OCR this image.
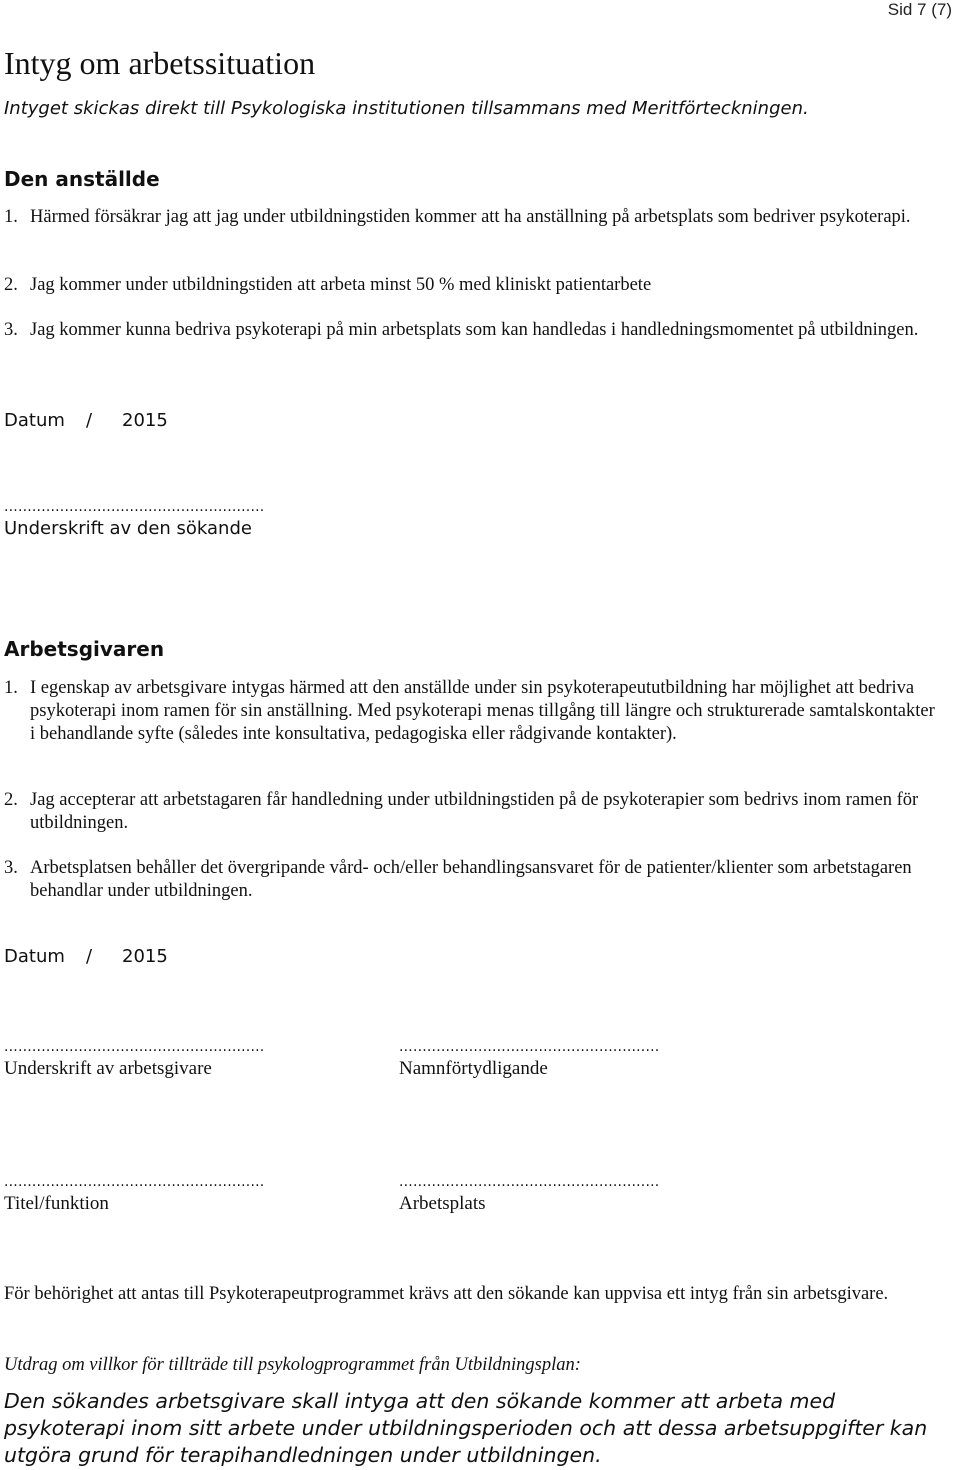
Sid 7 (7)
Intyg om arbetssituation

Intyget skickas direkt till Psykologiska institutionen tillsammans med Meritförteckningen.

Den anställde
1. Härmed försäkrar jag att jag under utbildningstiden kommer att ha anställning på arbetsplats som bedriver psykoterapi.
2. Jag kommer under utbildningstiden att arbeta minst 50 % med kliniskt patientarbete
3. Jag kommer kunna bedriva psykoterapi på min arbetsplats som kan handledas i handledningsmomentet på utbildningen.
Datum	/	2015
........................................................
Underskrift av den sökande
Arbetsgivaren
1. I egenskap av arbetsgivare intygas härmed att den anställde under sin psykoterapeututbildning har möjlighet att bedriva psykoterapi inom ramen för sin anställning. Med psykoterapi menas tillgång till längre och strukturerade samtalskontakter i behandlande syfte (således inte konsultativa, pedagogiska eller rådgivande kontakter).
2. Jag accepterar att arbetstagaren får handledning under utbildningstiden på de psykoterapier som bedrivs inom ramen för utbildningen.
3. Arbetsplatsen behåller det övergripande vård- och/eller behandlingsansvaret för de patienter/klienter som arbetstagaren behandlar under utbildningen.
Datum	/	2015
........................................................
Underskrift av arbetsgivare
........................................................
Namnförtydligande
........................................................
Titel/funktion
........................................................
Arbetsplats

För behörighet att antas till Psykoterapeutprogrammet krävs att den sökande kan uppvisa ett intyg från sin arbetsgivare.

Utdrag om villkor för tillträde till psykologprogrammet från Utbildningsplan:

Den sökandes arbetsgivare skall intyga att den sökande kommer att arbeta med psykoterapi inom sitt arbete under utbildningsperioden och att dessa arbetsuppgifter kan utgöra grund för terapihandledningen under utbildningen.
